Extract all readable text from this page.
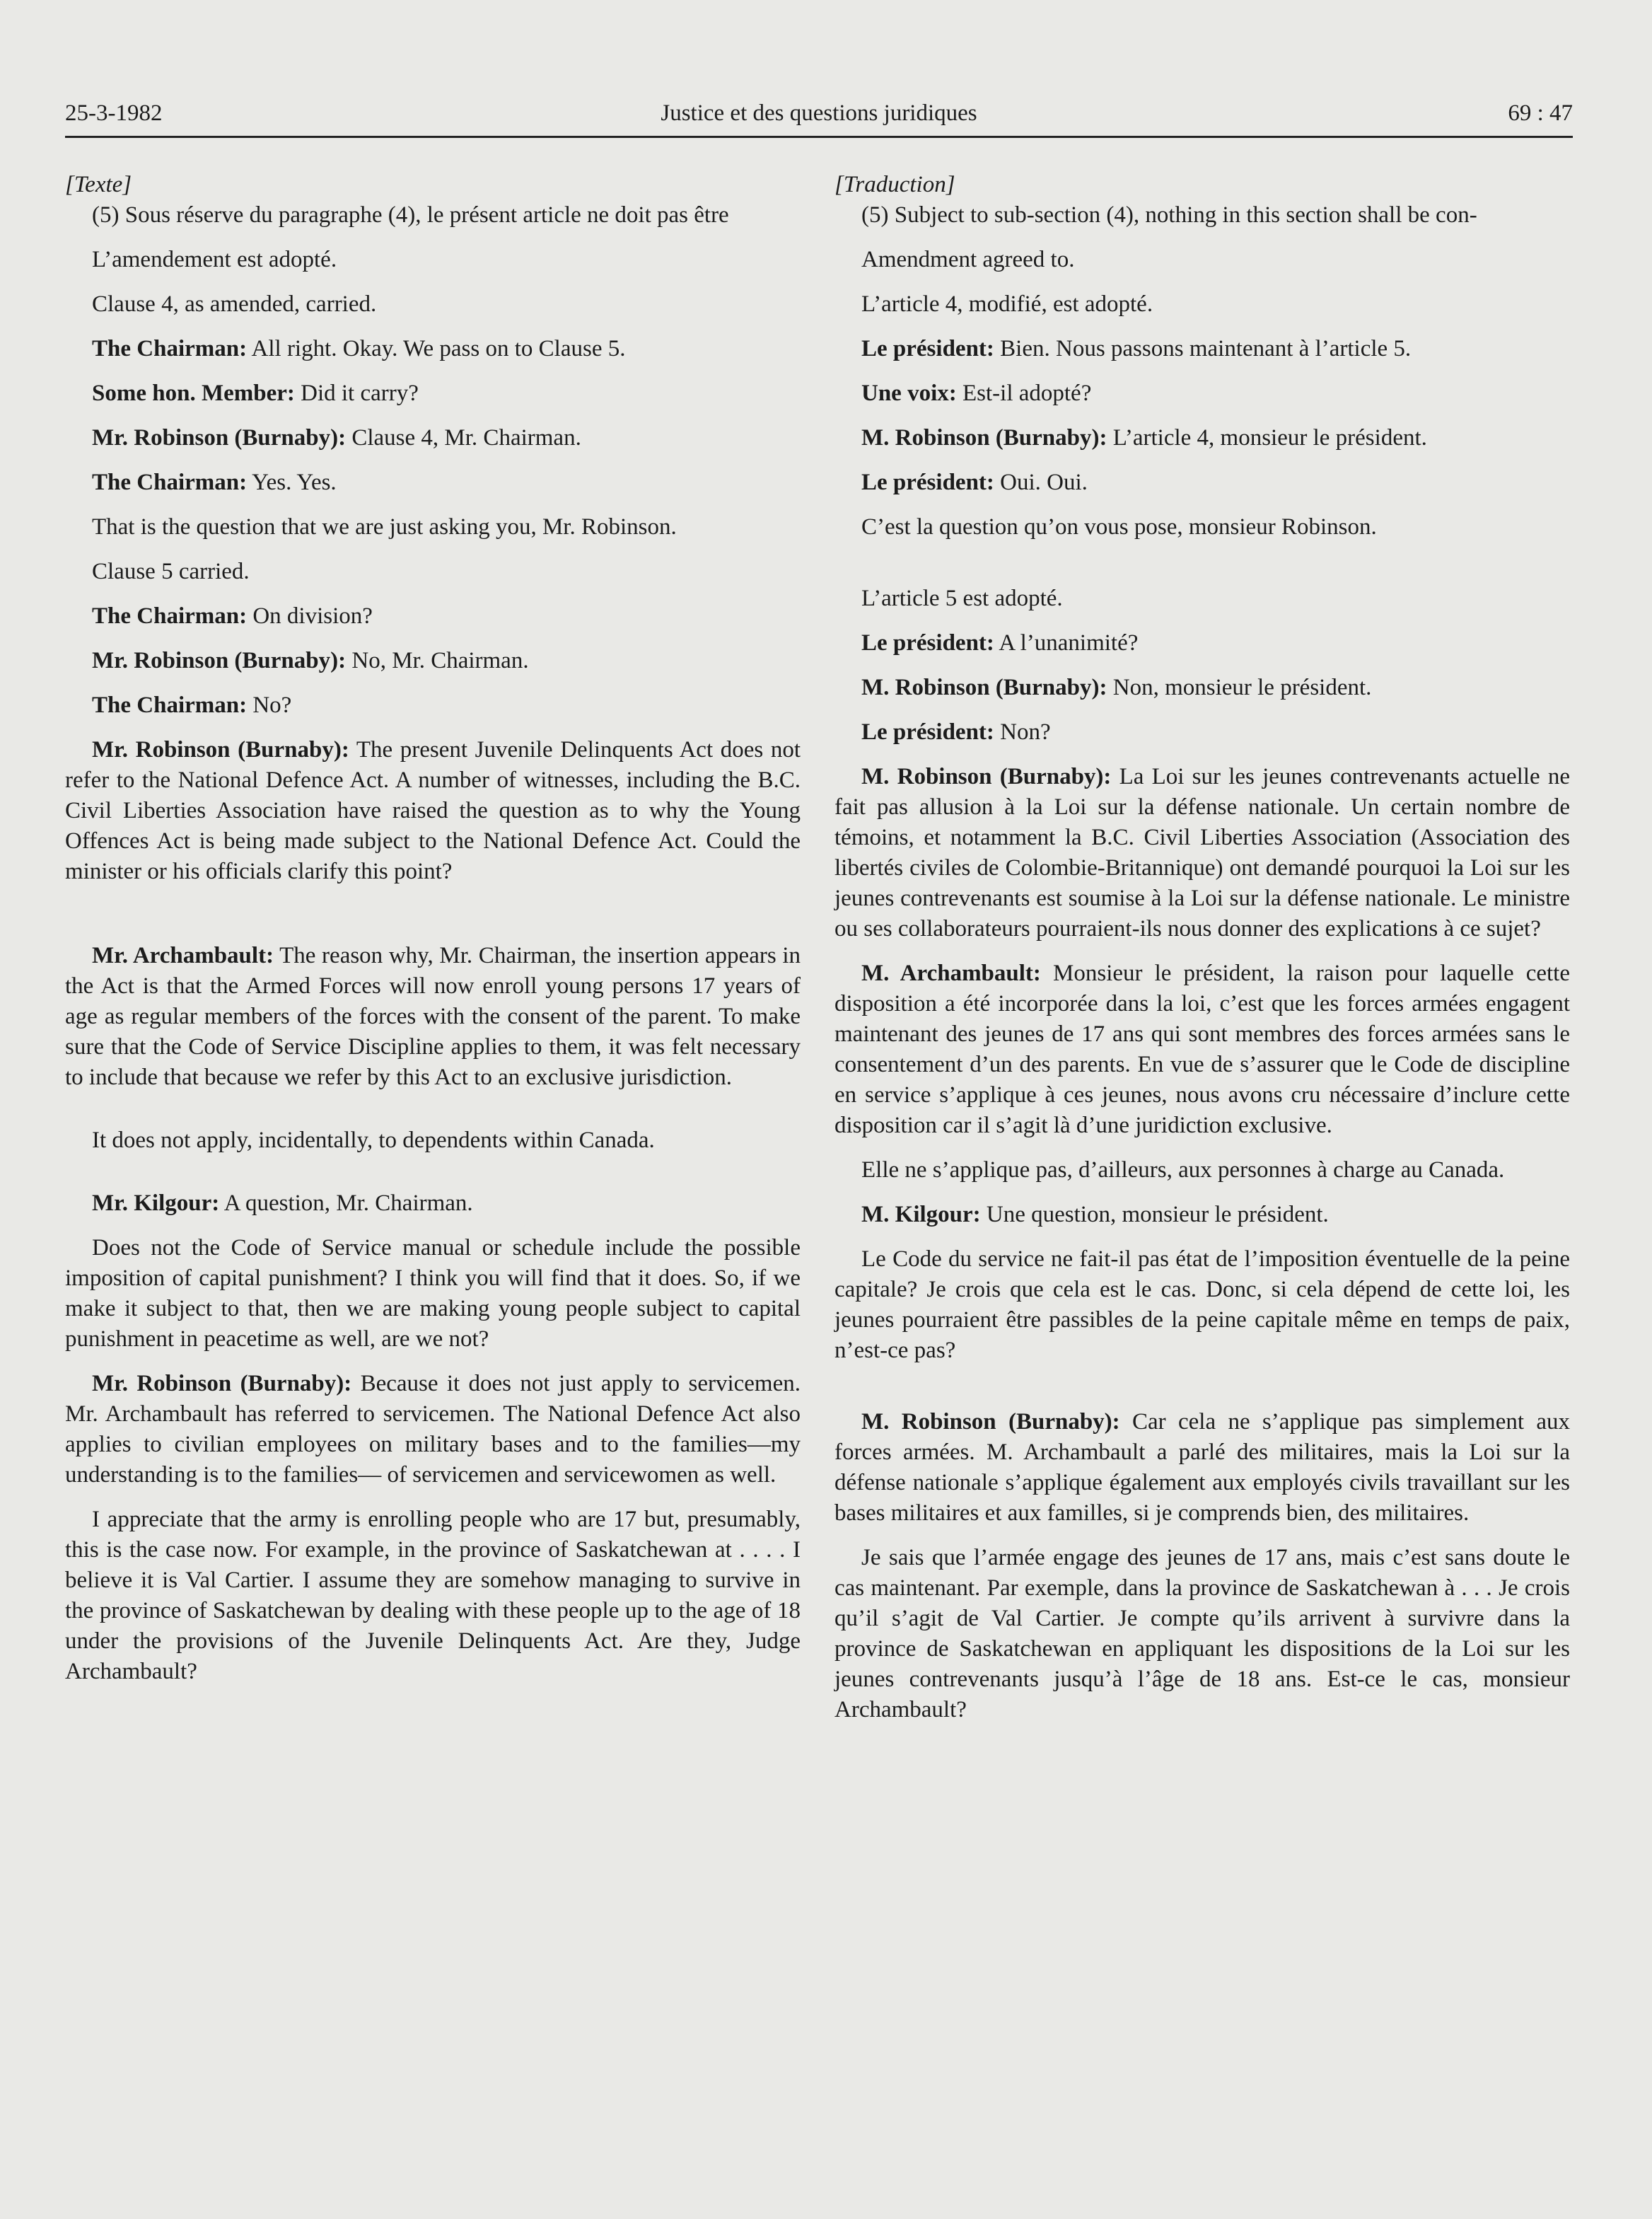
25-3-1982	Justice et des questions juridiques	69 : 47

[Texte]

(5) Sous réserve du paragraphe (4), le présent article ne doit pas être

L’amendement est adopté.

Clause 4, as amended, carried.

The Chairman: All right. Okay. We pass on to Clause 5.

Some hon. Member: Did it carry?

Mr. Robinson (Burnaby): Clause 4, Mr. Chairman.

The Chairman: Yes. Yes.

That is the question that we are just asking you, Mr. Robinson.

Clause 5 carried.

The Chairman: On division?

Mr. Robinson (Burnaby): No, Mr. Chairman.

The Chairman: No?

Mr. Robinson (Burnaby): The present Juvenile Delinquents Act does not refer to the National Defence Act. A number of witnesses, including the B.C. Civil Liberties Association have raised the question as to why the Young Offences Act is being made subject to the National Defence Act. Could the minister or his officials clarify this point?

Mr. Archambault: The reason why, Mr. Chairman, the insertion appears in the Act is that the Armed Forces will now enroll young persons 17 years of age as regular members of the forces with the consent of the parent. To make sure that the Code of Service Discipline applies to them, it was felt necessary to include that because we refer by this Act to an exclusive jurisdiction.

It does not apply, incidentally, to dependents within Canada.

Mr. Kilgour: A question, Mr. Chairman.

Does not the Code of Service manual or schedule include the possible imposition of capital punishment? I think you will find that it does. So, if we make it subject to that, then we are making young people subject to capital punishment in peacetime as well, are we not?

Mr. Robinson (Burnaby): Because it does not just apply to servicemen. Mr. Archambault has referred to servicemen. The National Defence Act also applies to civilian employees on military bases and to the families—my understanding is to the families— of servicemen and servicewomen as well.

I appreciate that the army is enrolling people who are 17 but, presumably, this is the case now. For example, in the province of Saskatchewan at . . . . I believe it is Val Cartier. I assume they are somehow managing to survive in the province of Saskatchewan by dealing with these people up to the age of 18 under the provisions of the Juvenile Delinquents Act. Are they, Judge Archambault?

[Traduction]

(5) Subject to sub-section (4), nothing in this section shall be con-

Amendment agreed to.

L’article 4, modifié, est adopté.

Le président: Bien. Nous passons maintenant à l’article 5.

Une voix: Est-il adopté?

M. Robinson (Burnaby): L’article 4, monsieur le président.

Le président: Oui. Oui.

C’est la question qu’on vous pose, monsieur Robinson.

L’article 5 est adopté.

Le président: A l’unanimité?

M. Robinson (Burnaby): Non, monsieur le président.

Le président: Non?

M. Robinson (Burnaby): La Loi sur les jeunes contrevenants actuelle ne fait pas allusion à la Loi sur la défense nationale. Un certain nombre de témoins, et notamment la B.C. Civil Liberties Association (Association des libertés civiles de Colombie-Britannique) ont demandé pourquoi la Loi sur les jeunes contrevenants est soumise à la Loi sur la défense nationale. Le ministre ou ses collaborateurs pourraient-ils nous donner des explications à ce sujet?

M. Archambault: Monsieur le président, la raison pour laquelle cette disposition a été incorporée dans la loi, c’est que les forces armées engagent maintenant des jeunes de 17 ans qui sont membres des forces armées sans le consentement d’un des parents. En vue de s’assurer que le Code de discipline en service s’applique à ces jeunes, nous avons cru nécessaire d’inclure cette disposition car il s’agit là d’une juridiction exclusive.

Elle ne s’applique pas, d’ailleurs, aux personnes à charge au Canada.

M. Kilgour: Une question, monsieur le président.

Le Code du service ne fait-il pas état de l’imposition éventuelle de la peine capitale? Je crois que cela est le cas. Donc, si cela dépend de cette loi, les jeunes pourraient être passibles de la peine capitale même en temps de paix, n’est-ce pas?

M. Robinson (Burnaby): Car cela ne s’applique pas simplement aux forces armées. M. Archambault a parlé des militaires, mais la Loi sur la défense nationale s’applique également aux employés civils travaillant sur les bases militaires et aux familles, si je comprends bien, des militaires.

Je sais que l’armée engage des jeunes de 17 ans, mais c’est sans doute le cas maintenant. Par exemple, dans la province de Saskatchewan à . . . Je crois qu’il s’agit de Val Cartier. Je compte qu’ils arrivent à survivre dans la province de Saskatchewan en appliquant les dispositions de la Loi sur les jeunes contrevenants jusqu’à l’âge de 18 ans. Est-ce le cas, monsieur Archambault?
